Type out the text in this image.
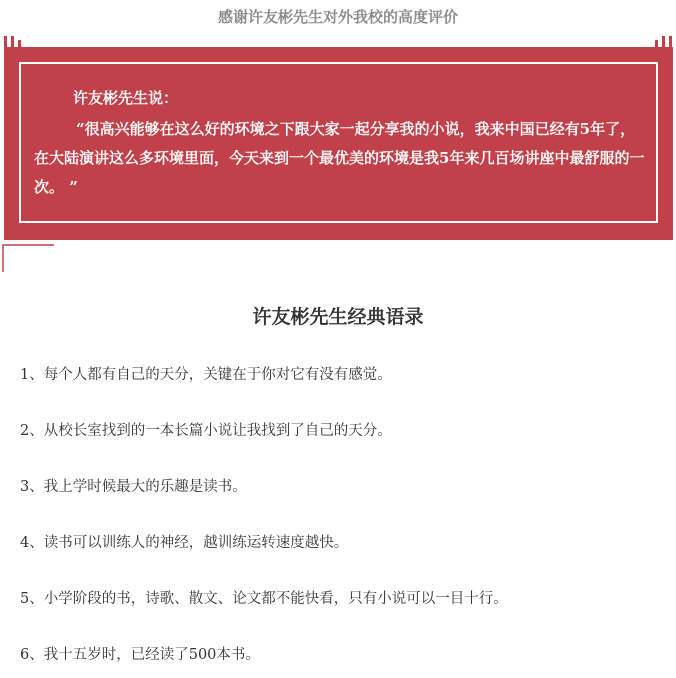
感谢许友彬先生对外我校的高度评价
许友彬先生说：
“很高兴能够在这么好的环境之下跟大家一起分享我的小说，我来中国已经有5年了，在大陆演讲这么多环境里面，今天来到一个最优美的环境是我5年来几百场讲座中最舒服的一次。 ”
许友彬先生经典语录
1、每个人都有自己的天分，关键在于你对它有没有感觉。
2、从校长室找到的一本长篇小说让我找到了自己的天分。
3、我上学时候最大的乐趣是读书。
4、读书可以训练人的神经，越训练运转速度越快。
5、小学阶段的书，诗歌、散文、论文都不能快看，只有小说可以一目十行。
6、我十五岁时，已经读了500本书。
